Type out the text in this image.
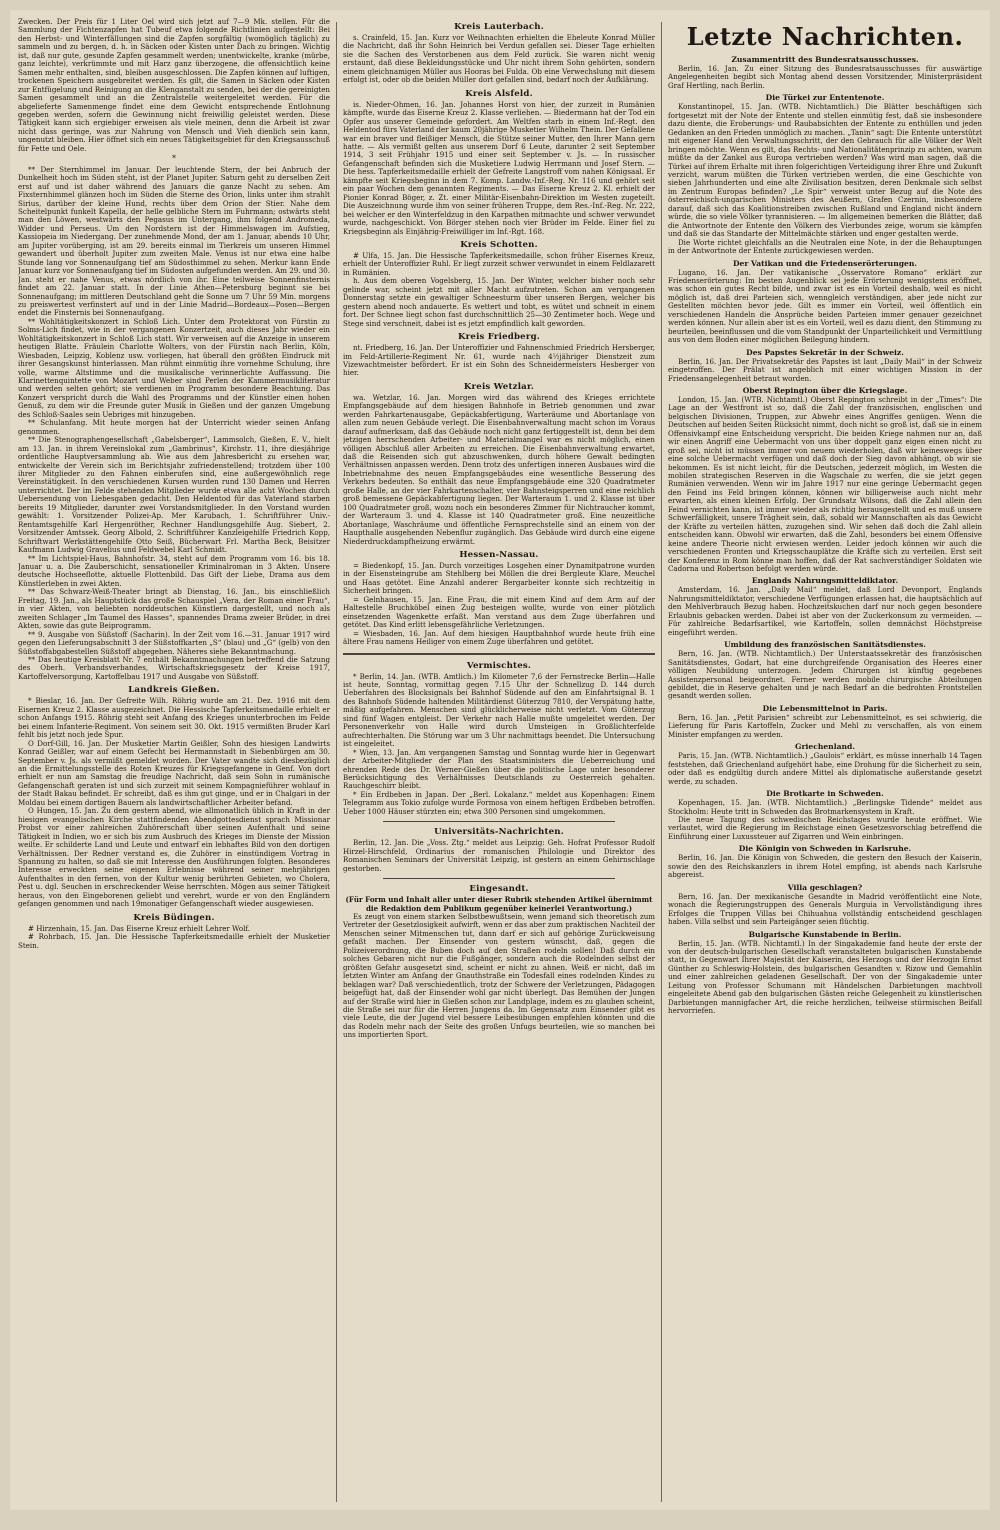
Zwecken. Der Preis für 1 Liter Oel wird sich jetzt auf 7—9 Mk. stellen. Für die Sammlung der Fichtenzapfen hat Tubeuf etwa folgende Richtlinien aufgestellt: Bei den Herbst- und Winterfällungen sind die Zapfen sorgfältig (womöglich täglich) zu sammeln und zu bergen, d. h. in Säcken oder Kisten unter Dach zu bringen. Wichtig ist, daß nur gute, gesunde Zapfen gesammelt werden; unentwickelte, kranke (mürbe, ganz leichte), verkrümmte und mit Harz ganz überzogene, die offensichtlich keine Samen mehr enthalten, sind, bleiben ausgeschlossen. Die Zapfen können auf luftigen, trockenen Speichern ausgebreitet werden. Es gilt, die Samen in Säcken oder Kisten zur Entfügelung und Reinigung an die Klenganstalt zu senden, bei der die gereinigten Samen gesammelt und an die Zentralstelle weitergeleitet werden. Für die abgelieferte Samenmenge findet eine dem Gewicht entsprechende Entlohnung gegeben werden, sofern die Gewinnung nicht freiwillig geleistet werden. Diese Tätigkeit kann sich ergiebiger erweisen als viele meinen, denn die Arbeit ist zwar nicht dass geringe, was zur Nahrung von Mensch und Vieh dienlich sein kann, ungenutzt bleiben. Hier öffnet sich ein neues Tätigkeitsgebiet für den Kriegsausschuß für Fette und Oele.

*

** Der Sternhimmel im Januar. Der leuchtende Stern, der bei Anbruch der Dunkelheit hoch im Süden steht, ist der Planet Jupiter. Saturn geht zu derselben Zeit erst auf und ist daher während des Januars die ganze Nacht zu sehen. Am Fixsternhimmel glänzen hoch im Süden die Sterne des Orion, links unter ihm strahlt Sirius, darüber der kleine Hund, rechts über dem Orion der Stier. Nahe dem Scheitelpunkt funkelt Kapella, der helle gelbliche Stern im Fuhrmann; ostwärts steht man den Löwen, westwärts den Pegasus im Untergang, ihm folgend Andromeda, Widder und Perseus. Um den Nordstern ist der Himmelswagen im Aufstieg, Kassiopeia im Niedergang. Der zunehmende Mond, der am 1. Januar, abends 10 Uhr, am Jupiter vorüberging, ist am 29. bereits einmal im Tierkreis um unseren Himmel gewandert und überholt Jupiter zum zweiten Male. Venus ist nur etwa eine halbe Stunde lang vor Sonnenaufgang tief am Südosthimmel zu sehen. Merkur kann Ende Januar kurz vor Sonnenaufgang tief im Südosten aufgefunden werden. Am 29. und 30. Jan. steht er nahe Venus, etwas nördlich von ihr. Eine teilweise Sonnenfinsternis findet am 22. Januar statt. In der Linie Athen—Petersburg beginnt sie bei Sonnenaufgang; im mittleren Deutschland geht die Sonne um 7 Uhr 59 Min. morgens zu preiswertest verfinstert auf und in der Linie Madrid—Bordeaux—Posen—Bergen endet die Finsternis bei Sonnenaufgang.

** Wohltätigkeitskonzert in Schloß Lich. Unter dem Protektorat von Fürstin zu Solms-Lich findet, wie in der vergangenen Konzertzeit, auch dieses Jahr wieder ein Wohltätigkeitskonzert in Schloß Lich statt. Wir verweisen auf die Anzeige in unserem heutigen Blatte. Fräulein Charlotte Wolters, von der Fürstin nach Berlin, Köln, Wiesbaden, Leipzig, Koblenz usw. vorliegen, hat überall den größten Eindruck mit ihrer Gesangskunst hinterlassen. Man rühmt einmütig ihre vornehme Schulung, ihre volle, warme Altstimme und die musikalische verinnerlichte Auffassung. Die Klarinettenquintette von Mozart und Weber sind Perlen der Kammermusikliteratur und werden selten gehört; sie verdienen im Programm besondere Beachtung. Das Konzert verspricht durch die Wahl des Programms und der Künstler einen hohen Genuß, zu dem wir die Freunde guter Musik in Gießen und der ganzen Umgebung des Schloß-Saales sein Uebriges mit hinzugeben.

** Schulanfang. Mit heute morgen hat der Unterricht wieder seinen Anfang genommen.

** Die Stenographengesellschaft „Gabelsberger“, Lammsolch, Gießen, E. V., hielt am 13. Jan. in ihrem Vereinslokal zum „Gambrinus“, Kirchstr. 11, ihre diesjährige ordentliche Hauptversammlung ab. Wie aus dem Jahresbericht zu ersehen war, entwickelte der Verein sich im Berichtsjahr zufriedenstellend; trotzdem über 100 ihrer Mitglieder zu den Fahnen einberufen sind, eine außergewöhnlich rege Vereinstätigkeit. In den verschiedenen Kursen wurden rund 130 Damen und Herren unterrichtet. Der im Felde stehenden Mitglieder wurde etwa alle acht Wochen durch Uebersendung von Liebesgaben gedacht. Den Heldentod für das Vaterland starben bereits 19 Mitglieder, darunter zwei Vorstandsmitglieder. In den Vorstand wurden gewählt: 1. Vorsitzender Polizei-Ap. Mer Karubach, 1. Schriftführer Univ.-Rentamtsgehilfe Karl Hergenröther, Rechner Handlungsgehilfe Aug. Siebert, 2. Vorsitzender Amtssek. Georg Albold, 2. Schriftführer Kanzleigehilfe Friedrich Kopp, Schriftwart Werkstättengehilfe Otto Seiß, Bücherwart Frl. Martha Beck, Beisitzer Kaufmann Ludwig Gravelius und Feldwebel Karl Schmidt.

** Im Lichtspiel-Haus, Bahnhofstr. 34, steht auf dem Programm vom 16. bis 18. Januar u. a. Die Zauberschicht, sensationeller Kriminalroman in 3 Akten. Unsere deutsche Hochseeflotte, aktuelle Flottenbild. Das Gift der Liebe, Drama aus dem Künstlerleben in zwei Akten.

** Das Schwarz-Weiß-Theater bringt ab Dienstag, 16. Jan., bis einschließlich Freitag, 19. Jan., als Hauptstück das große Schauspiel „Vera, der Roman einer Frau“, in vier Akten, von beliebten norddeutschen Künstlern dargestellt, und noch als zweiten Schlager „Im Taumel des Hasses“, spannendes Drama zweier Brüder, in drei Akten, sowie das gute Beiprogramm.

** 9. Ausgabe von Süßstoff (Sacharin). In der Zeit vom 16.—31. Januar 1917 wird gegen den Lieferungsabschnitt 3 der Süßstoffkarten „S“ (blau) und „G“ (gelb) von den Süßstoffabgabestellen Süßstoff abgegeben. Näheres siehe Bekanntmachung.

** Das heutige Kreisblatt Nr. 7 enthält Bekanntmachungen betreffend die Satzung des Oberh. Verbandsverbandes, Wirtschaftskriegsgesetz der Kreise 1917, Kartoffelversorgung, Kartoffelbau 1917 und Ausgabe von Süßstoff.

Landkreis Gießen.

* Bieslar, 16. Jan. Der Gefreite Wilh. Röhrig wurde am 21. Dez. 1916 mit dem Eisernen Kreuz 2. Klasse ausgezeichnet. Die Hessische Tapferkeitsmedaille erhielt er schon Anfangs 1915. Röhrig steht seit Anfang des Krieges ununterbrochen im Felde bei einem Infanterie-Regiment. Von seinem seit 30. Okt. 1915 vermißten Bruder Karl fehlt bis jetzt noch jede Spur.

O Dorf-Gill, 16. Jan. Der Musketier Martin Geißler, Sohn des hiesigen Landwirts Konrad Geißler, war auf einem Gefecht bei Hermannstadt in Siebenbürgen am 30. September v. Js. als vermißt gemeldet worden. Der Vater wandte sich diesbezüglich an die Ermittelungsstelle des Roten Kreuzes für Kriegsgefangene in Genf. Von dort erhielt er nun am Samstag die freudige Nachricht, daß sein Sohn in rumänische Gefangenschaft geraten ist und sich zurzeit mit seinem Kompagnieführer wohlauf in der Stadt Bakau befindet. Er schreibt, daß es ihm gut ginge, und er in Chalgari in der Moldau bei einem dortigen Bauern als landwirtschaftlicher Arbeiter befand.

O Hungen, 15. Jan. Zu dem gestern abend, wie allmonatlich üblich in Kraft in der hiesigen evangelischen Kirche stattfindenden Abendgottesdienst sprach Missionar Probst vor einer zahlreichen Zuhörerschaft über seinen Aufenthalt und seine Tätigkeit in Indien, wo er sich bis zum Ausbruch des Krieges im Dienste der Mission weilte. Er schilderte Land und Leute und entwarf ein lebhaftes Bild von den dortigen Verhältnissen. Der Redner verstand es, die Zuhörer in einstündigem Vortrag in Spannung zu halten, so daß sie mit Interesse den Ausführungen folgten. Besonderes Interesse erweckten seine eigenen Erlebnisse während seiner mehrjährigen Aufenthaltes in den fernen, von der Kultur wenig berührten Gebieten, wo Cholera, Pest u. dgl. Seuchen in erschreckender Weise herrschten. Mögen aus seiner Tätigkeit heraus, von den Eingeborenen geliebt und verehrt, wurde er von den Engländern gefangen genommen und nach 19monatiger Gefangenschaft wieder ausgewiesen.

Kreis Büdingen.

# Hirzenhain, 15. Jan. Das Eiserne Kreuz erhielt Lehrer Wolf.

# Rohrbach, 15. Jan. Die Hessische Tapferkeitsmedaille erhielt der Musketier Stein.

Kreis Lauterbach.

s. Crainfeld, 15. Jan. Kurz vor Weihnachten erhielten die Eheleute Konrad Müller die Nachricht, daß ihr Sohn Heinrich bei Verdun gefallen sei. Dieser Tage erhielten sie die Sachen des Verstorbenen aus dem Feld zurück. Sie waren nicht wenig erstaunt, daß diese Bekleidungsstücke und Uhr nicht ihrem Sohn gehörten, sondern einem gleichnamigen Müller aus Hooras bei Fulda. Ob eine Verwechslung mit diesem erfolgt ist, oder ob die beiden Müller dort gefallen sind, bedarf noch der Aufklärung.

Kreis Alsfeld.

is. Nieder-Ohmen, 16. Jan. Johannes Horst von hier, der zurzeit in Rumänien kämpfte, wurde das Eiserne Kreuz 2. Klasse verliehen. — Biedermann hat der Tod ein Opfer aus unserer Gemeinde gefordert. Am Weltfen starb in einem Inf.-Regt. den Heldentod fürs Vaterland der kaum 20jährige Musketier Wilhelm Thein. Der Gefallene war ein braver und fleißiger Mensch, die Stütze seiner Mutter, den Ihrer Mann gern hatte. — Als vermißt gelten aus unserem Dorf 6 Leute, darunter 2 seit September 1914, 3 seit Frühjahr 1915 und einer seit September v. Js. — In russischer Gefangenschaft befinden sich die Musketiere Ludwig Herrmann und Josef Stern. — Die hess. Tapferkeitsmedaille erhielt der Gefreite Langstroff vom nahen Königsaal. Er kämpfte seit Kriegsbeginn in dem 7. Komp. Landw.-Inf.-Reg. Nr. 116 und gehört seit ein paar Wochen dem genannten Regiments. — Das Eiserne Kreuz 2. Kl. erhielt der Pionier Konrad Böger, z. Zt. einer Militär-Eisenbahn-Direktion im Westen zugeteilt. Die Auszeichnung wurde ihm von seiner früheren Truppe, dem Res.-Inf.-Reg. Nr. 222, bei welcher er den Winterfeldzug in den Karpathen mitmachte und schwer verwundet wurde, nachgeschickt. Von Börger stehen noch vier Brüder im Felde. Einer fiel zu Kriegsbeginn als Einjährig-Freiwilliger im Inf.-Rgt. 168.

Kreis Schotten.

# Ulfa, 15. Jan. Die Hessische Tapferkeitsmedaille, schon früher Eisernes Kreuz, erhielt der Unteroffizier Ruhl. Er liegt zurzeit schwer verwundet in einem Feldlazarett in Rumänien.

h. Aus dem oberen Vogelsberg, 15. Jan. Der Winter, welcher bisher noch sehr gelinde war, scheint jetzt mit aller Macht aufzutreten. Schon am vergangenen Donnerstag setzte ein gewaltiger Schneesturm über unseren Bergen, welcher bis gestern abend noch andauerte. Es wettert und tobt, es wütet und schneit in einem fort. Der Schnee liegt schon fast durchschnittlich 25—30 Zentimeter hoch. Wege und Stege sind verschneit, dabei ist es jetzt empfindlich kalt geworden.

Kreis Friedberg.

nt. Friedberg, 16. Jan. Der Unteroffizier und Fahnenschmied Friedrich Hersberger, im Feld-Artillerie-Regiment Nr. 61, wurde nach 4½jähriger Dienstzeit zum Vizewachtmeister befördert. Er ist ein Sohn des Schneidermeisters Hesberger von hier.

Kreis Wetzlar.

wa. Wetzlar, 16. Jan. Morgen wird das während des Krieges errichtete Empfangsgebäude auf dem hiesigen Bahnhofe in Betrieb genommen und zwar werden Fahrkartenausgabe, Gepäckabfertigung, Warteräume und Abortanlage von allen zum neuen Gebäude verlegt. Die Eisenbahnverwaltung macht schon im Voraus darauf aufmerksam, daß das Gebäude noch nicht ganz fertiggestellt ist, denn bei dem jetzigen herrschenden Arbeiter- und Materialmangel war es nicht möglich, einen völligen Abschluß aller Arbeiten zu erreichen. Die Eisenbahnverwaltung erwartet, daß die Reisenden sich gut abzuschwenken, durch höhere Gewalt bedingten Verhältnissen anpassen werden. Denn trotz des unfertigen inneren Ausbaues wird die Inbetriebnahme des neuen Empfangsgebäudes eine wesentliche Besserung des Verkehrs bedeuten. So enthält das neue Empfangsgebäude eine 320 Quadratmeter große Halle, an der vier Fahrkartenschalter, vier Bahnsteigsperren und eine reichlich groß bemessene Gepäckabfertigung liegen. Der Warteraum 1. und 2. Klasse ist über 100 Quadratmeter groß, wozu noch ein besonderes Zimmer für Nichtraucher kommt, der Warteraum 3. und 4. Klasse ist 140 Quadratmeter groß. Eine neuzeitliche Abortanlage, Waschräume und öffentliche Fernsprechstelle sind an einem von der Haupthalle ausgehenden Nebenflur zugänglich. Das Gebäude wird durch eine eigene Niederdruckdampfheizung erwärmt.

Hessen-Nassau.

= Biedenkopf, 15. Jan. Durch vorzeitiges Losgehen einer Dynamitpatrone wurden in der Eisensteingrube am Stehlberg bei Möllen die drei Bergleute Klare, Meuchel und Haas getötet. Eine Anzahl anderer Bergarbeiter konnte sich rechtzeitig in Sicherheit bringen.

= Gelnhausen, 15. Jan. Eine Frau, die mit einem Kind auf dem Arm auf der Haltestelle Bruchköbel einen Zug besteigen wollte, wurde von einer plötzlich einsetzenden Wagenkette erfaßt. Man verstand aus dem Zuge überfahren und getötet. Das Kind erlitt lebensgefährliche Verletzungen.

= Wiesbaden, 16. Jan. Auf dem hiesigen Hauptbahnhof wurde heute früh eine ältere Frau namens Heiliger von einem Zuge überfahren und getötet.

Vermischtes.

* Berlin, 14. Jan. (WTB. Amtlich.) Im Kilometer 7,6 der Fernstrecke Berlin—Halle ist heute, Sonntag, vormittag gegen 7.15 Uhr der Schnellzug D. 144 durch Ueberfahren des Blocksignals bei Bahnhof Südende auf den am Einfahrtsignal B. 1 des Bahnhofs Südende haltenden Militärdienst Güterzug 7810, der Verspätung hatte, mäßig aufgefahren. Menschen sind glücklicherweise nicht verletzt. Vom Güterzug sind fünf Wagen entgleist. Der Verkehr nach Halle mußte umgeleitet werden. Der Personenverkehr von Halle wird durch Umsteigen in Großlichterfelde aufrechterhalten. Die Störung war um 3 Uhr nachmittags beendet. Die Untersuchung ist eingeleitet.

* Wien, 13. Jan. Am vergangenen Samstag und Sonntag wurde hier in Gegenwart der Arbeiter-Mitglieder der Plan des Staatsministers die Ueberreichung und ehrenden Rede des Dr. Werner-Gießen über die politische Lage unter besonderer Berücksichtigung des Verhältnisses Deutschlands zu Oesterreich gehalten. Rauchgeschirr bleibt.

* Ein Erdbeben in Japan. Der „Berl. Lokalanz.“ meldet aus Kopenhagen: Einem Telegramm aus Tokio zufolge wurde Formosa von einem heftigen Erdbeben betroffen. Ueber 1000 Häuser stürzten ein; etwa 300 Personen sind umgekommen.

Universitäts-Nachrichten.

Berlin, 12. Jan. Die „Voss. Ztg.“ meldet aus Leipzig: Geh. Hofrat Professor Rudolf Hirzel-Hirschfeld, Ordinarius der romanischen Philologie und Direktor des Romanischen Seminars der Universität Leipzig, ist gestern an einem Gehirnschlage gestorben.

Eingesandt.

(Für Form und Inhalt aller unter dieser Rubrik stehenden Artikel übernimmt die Redaktion dem Publikum gegenüber keinerlei Verantwortung.)

Es zeugt von einem starken Selbstbewußtsein, wenn jemand sich theoretisch zum Vertreter der Gesetzlosigkeit aufwirft, wenn er das aber zum praktischen Nachteil der Menschen seiner Mitmenschen tut, dann darf er sich auf gehörige Zurückweisung gefaßt machen. Der Einsender von gestern wünscht, daß, gegen die Polizeiverordnung, die Buben doch auf den Straßen rodeln sollen! Daß durch ein solches Gebaren nicht nur die Fußgänger, sondern auch die Rodelnden selbst der größten Gefahr ausgesetzt sind, scheint er nicht zu ahnen. Weiß er nicht, daß im letzten Winter am Anfang der Gnauthstraße ein Todesfall eines rodelnden Kindes zu beklagen war? Daß verschiedentlich, trotz der Schwere der Verletzungen, Pädagogen beigefügt hat, daß der Einsender wohl gar nicht überlegt. Das Bemühen der Jungen auf der Straße wird hier in Gießen schon zur Landplage, indem es zu glauben scheint, die Straße sei nur für die Herren Jungens da. Im Gegensatz zum Einsender gibt es viele Leute, die der Jugend viel bessere Leibesübungen empfehlen könnten und die das Rodeln mehr nach der Seite des großen Unfugs beurteilen, wie so manchen bei uns importierten Sport.

Letzte Nachrichten.
Zusammentritt des Bundesratsausschusses.

Berlin, 16. Jan. Zu einer Sitzung des Bundesratsausschusses für auswärtige Angelegenheiten begibt sich Montag abend dessen Vorsitzender, Ministerpräsident Graf Hertling, nach Berlin.

Die Türkei zur Ententenote.

Konstantinopel, 15. Jan. (WTB. Nichtamtlich.) Die Blätter beschäftigen sich fortgesetzt mit der Note der Entente und stellen einmütig fest, daß sie insbesondere dazu diente, die Eroberungs- und Raubabsichten der Entente zu enthüllen und jeden Gedanken an den Frieden unmöglich zu machen. „Tanin“ sagt: Die Entente unterstützt mit eigener Hand den Verwaltungsschritt, der den Gebrauch für alle Völker der Welt bringen möchte. Wenn es gilt, das Rechts- und Nationalitätenprinzip zu achten, warum müßte da der Zankel aus Europa vertrieben werden? Was wird man sagen, daß die Türkei auf ihrem Erhalte mit ihren folgerichtigen Verteidigung ihrer Ehre und Zukunft verzicht, warum müßten die Türken vertrieben werden, die eine Geschichte von sieben Jahrhunderten und eine alte Zivilisation besitzen, deren Denkmale sich selbst im Zentrum Europas befinden? „Le Spir“ verweist unter Bezug auf die Note des österreichisch-ungarischen Ministers des Aeußern, Grafen Czernin, insbesondere darauf, daß sich das Koalitionstreiben zwischen Rußland und England nicht ändern würde, die so viele Völker tyrannisieren. — Im allgemeinen bemerken die Blätter, daß die Antwortnote der Entente den Völkern des Vierbundes zeige, worum sie kämpfen und daß sie das Standarte der Mittelmächte stärken und enger gestalten werde.

Die Worte richtet gleichfalls an die Neutralen eine Note, in der die Behauptungen in der Antwortnote der Entente zurückgewiesen werden.

Der Vatikan und die Friedenserörterungen.

Lugano, 16. Jan. Der vatikanische „Osservatore Romano“ erklärt zur Friedenserörterung: Im besten Augenblick sei jede Erörterung wenigstens eröffnet, was schon ein gutes Recht bilde, und zwar ist es ein Vorteil deshalb, weil es nicht möglich ist, daß drei Parteien sich, wenngleich verständigen, aber jede nicht zur Gestellten möchten bevor jede. Gilt es immer ein Vorteil, weil öffentlich ein verschiedenen Handeln die Ansprüche beiden Parteien immer genauer gezeichnet werden können. Nur allein aber ist es ein Vorteil, weil es dazu dient, den Stimmung zu beurteilen, beeinflussen und die vom Standpunkt der Unparteilichkeit und Vermittlung aus von dem Boden einer möglichen Beilegung hindern.

Des Papstes Sekretär in der Schweiz.

Berlin, 16. Jan. Der Privatsekretär des Papstes ist laut „Daily Mail“ in der Schweiz eingetroffen. Der Prälat ist angeblich mit einer wichtigen Mission in der Friedensangelegenheit betraut worden.

Oberst Repington über die Kriegslage.

London, 15. Jan. (WTB. Nichtamtl.) Oberst Repington schreibt in der „Times“: Die Lage an der Westfront ist so, daß die Zahl der französischen, englischen und belgischen Divisionen, Truppen, zur Abwehr eines Angriffes genügen. Wenn die Deutschen auf beiden Seiten Rücksicht nimmt, doch nicht so groß ist, daß sie in einem Offensivkampf eine Entscheidung verspricht. Die beiden Kriege nahmen nur an, daß wir einen Angriff eine Uebermacht von uns über doppelt ganz eigen einen nicht zu groß sei, nicht ist müssen immer von neuem wiederholen, daß wir keineswegs über eine solche Uebermacht verfügen und daß doch der Sieg davon abhängt, ob wir sie bekommen. Es ist nicht leicht, für die Deutschen, jederzeit möglich, im Westen die mobilen strategischen Reserven in die Wagschale zu werfen, die sie jetzt gegen Rumänien verwenden. Wenn wir im Jahre 1917 nur eine geringe Uebermacht gegen den Feind ins Feld bringen können, können wir billigerweise auch nicht mehr erwarten, als einen kleinen Erfolg. Der Grundsatz Wilsons, daß die Zahl allein den Feind vernichten kann, ist immer wieder als richtig herausgestellt und es muß unsere Schwerfälligkeit, unsere Trägheit sein, daß, sobald wir Mannschaften als das Gewicht der Kräfte zu verteilen hätten, zuzugehen sind. Wir sehen daß doch die Zahl allein entscheiden kann. Obwohl wir erwarten, daß die Zahl, besonders bei einem Offensive keine andere Theorie nicht erwiesen werden. Leider jedoch können wir auch die verschiedenen Fronten und Kriegsschauplätze die Kräfte sich zu verteilen. Erst seit der Konferenz in Rom könne man hoffen, daß der Rat sachverständiger Soldaten wie Cadorna und Robertson befolgt werden würde.

Englands Nahrungsmitteldiktator.

Amsterdam, 16. Jan. „Daily Mail“ meldet, daß Lord Devonport, Englands Nahrungsmitteldiktator, verschiedene Verfügungen erlassen hat, die hauptsächlich auf den Mehlverbrauch Bezug haben. Hochzeitskuchen darf nur noch gegen besondere Erlaubnis gebacken werden. Dabei ist aber von der Zuckerkonsum zu vermeiden. — Für zahlreiche Bedarfsartikel, wie Kartoffeln, sollen demnächst Höchstpreise eingeführt werden.

Umbildung des französischen Sanitätsdienstes.

Bern, 16. Jan. (WTB. Nichtamtlich.) Der Unterstaatssekretär des französischen Sanitätsdienstes, Godart, hat eine durchgreifende Organisation des Heeres einer völligen Neubildung unterzogen. Jedem Chirurgen ist künftig gegebenes Assistenzpersonal beigeordnet. Ferner werden mobile chirurgische Abteilungen gebildet, die in Reserve gehalten und je nach Bedarf an die bedrohten Frontstellen gesandt werden sollen.

Die Lebensmittelnot in Paris.

Bern, 16. Jan. „Petit Parisien“ schreibt zur Lebensmittelnot, es sei schwierig, die Lieferung für Paris Kartoffeln, Zucker und Mehl zu verschaffen, als von einem Minister empfangen zu werden.

Griechenland.

Paris, 15. Jan. (WTB. Nichtamtlich.) „Gaulois“ erklärt, es müsse innerhalb 14 Tagen feststehen, daß Griechenland aufgehört habe, eine Drohung für die Sicherheit zu sein, oder daß es endgültig durch andere Mittel als diplomatische außerstande gesetzt werde, zu schaden.

Die Brotkarte in Schweden.

Kopenhagen, 15. Jan. (WTB. Nichtamtlich.) „Berlingske Tidende“ meldet aus Stockholm: Heute tritt in Schweden das Brotmarkensystem in Kraft.

Die neue Tagung des schwedischen Reichstages wurde heute eröffnet. Wie verlautet, wird die Regierung im Reichstage einen Gesetzesvorschlag betreffend die Einführung einer Luxussteuer auf Zigarren und Wein einbringen.

Die Königin von Schweden in Karlsruhe.

Berlin, 16. Jan. Die Königin von Schweden, die gestern den Besuch der Kaiserin, sowie den des Reichskanzlers in ihrem Hotel empfing, ist abends nach Karlsruhe abgereist.

Villa geschlagen?

Bern, 16. Jan. Der mexikanische Gesandte in Madrid veröffentlicht eine Note, wonach die Regierungstruppen des Generals Murguia in Vervollständigung ihres Erfolges die Truppen Villas bei Chihuahua vollständig entscheidend geschlagen haben. Villa selbst und sein Parteigänger seien flüchtig.

Bulgarische Kunstabende in Berlin.

Berlin, 15. Jan. (WTB. Nichtamtl.) In der Singakademie fand heute der erste der von der deutsch-bulgarischen Gesellschaft veranstalteten bulgarischen Kunstabende statt, in Gegenwart Ihrer Majestät der Kaiserin, des Herzogs und der Herzogin Ernst Günther zu Schleswig-Holstein, des bulgarischen Gesandten v. Rizow und Gemahlin und einer zahlreichen geladenen Gesellschaft. Der von der Singakademie unter Leitung von Professor Schumann mit Händelschen Darbietungen machtvoll eingeleitete Abend gab den bulgarischen Gästen reiche Gelegenheit zu künstlerischen Darbietungen mannigfacher Art, die reiche herzlichen, teilweise stürmischen Beifall hervorriefen.
